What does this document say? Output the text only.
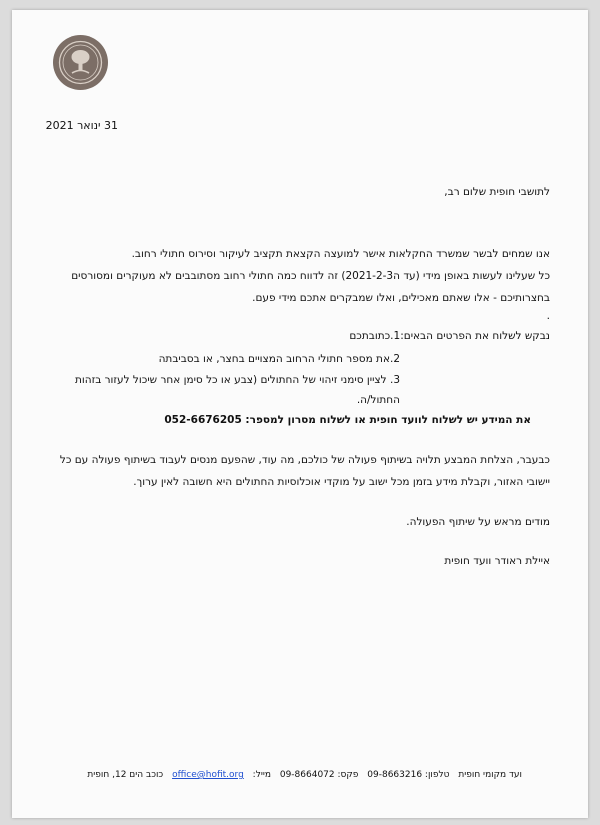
31 ינואר 2021
לתושבי חופית שלום רב,
אנו שמחים לבשר שמשרד החקלאות אישר למועצה הקצאת תקציב לעיקור וסירוס חתולי רחוב.
כל שעלינו לעשות באופן מידי (עד ה2021-2-3) זה לדווח כמה חתולי רחוב מסתובבים לא מעוקרים ומסורסים
בחצרותיכם - אלו שאתם מאכילים, ואלו שמבקרים אתכם מידי פעם.
.
נבקש לשלוח את הפרטים הבאים:1.כתובתכם
2.את מספר חתולי הרחוב המצויים בחצר, או בסביבתה
3. לציין סימני זיהוי של החתולים (צבע או כל סימן אחר שיכול לעזור בזהות
החתול/ה.
את המידע יש לשלוח לוועד חופית או לשלוח מסרון למספר: 052-6676205
כבעבר, הצלחת המבצע תלויה בשיתוף פעולה של כולכם, מה עוד, שהפעם מנסים לעבוד בשיתוף פעולה עם כל
יישובי האזור, וקבלת מידע בזמן מכל ישוב על מוקדי אוכלוסיות החתולים היא חשובה לאין ערוך.
מודים מראש על שיתוף הפעולה.
איילת ראודר וועד חופית
ועד מקומי חופית טלפון: 09-8663216 פקס: 09-8664072 מייל: office@hofit.org כוכב הים 12, חופית
